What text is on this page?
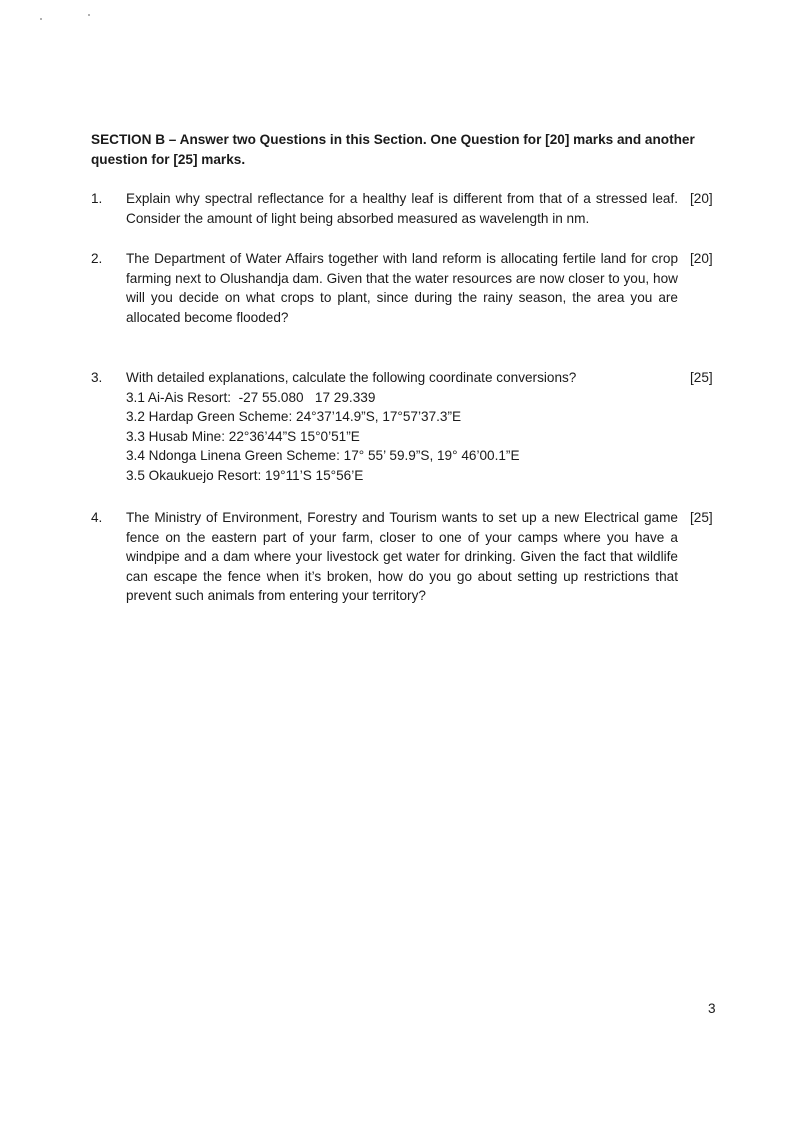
SECTION B – Answer two Questions in this Section. One Question for [20] marks and another question for [25] marks.
1. Explain why spectral reflectance for a healthy leaf is different from that of a stressed leaf. Consider the amount of light being absorbed measured as wavelength in nm.
[20]
2. The Department of Water Affairs together with land reform is allocating fertile land for crop farming next to Olushandja dam. Given that the water resources are now closer to you, how will you decide on what crops to plant, since during the rainy season, the area you are allocated become flooded?
[20]
3. With detailed explanations, calculate the following coordinate conversions?
3.1 Ai-Ais Resort:  -27 55.080   17 29.339
3.2 Hardap Green Scheme: 24°37’14.9”S, 17°57’37.3”E
3.3 Husab Mine: 22°36’44”S 15°0’51”E
3.4 Ndonga Linena Green Scheme: 17° 55’ 59.9”S, 19° 46’00.1”E
3.5 Okaukuejo Resort: 19°11’S 15°56’E
[25]
4. The Ministry of Environment, Forestry and Tourism wants to set up a new Electrical game fence on the eastern part of your farm, closer to one of your camps where you have a windpipe and a dam where your livestock get water for drinking. Given the fact that wildlife can escape the fence when it’s broken, how do you go about setting up restrictions that prevent such animals from entering your territory?
[25]
3
